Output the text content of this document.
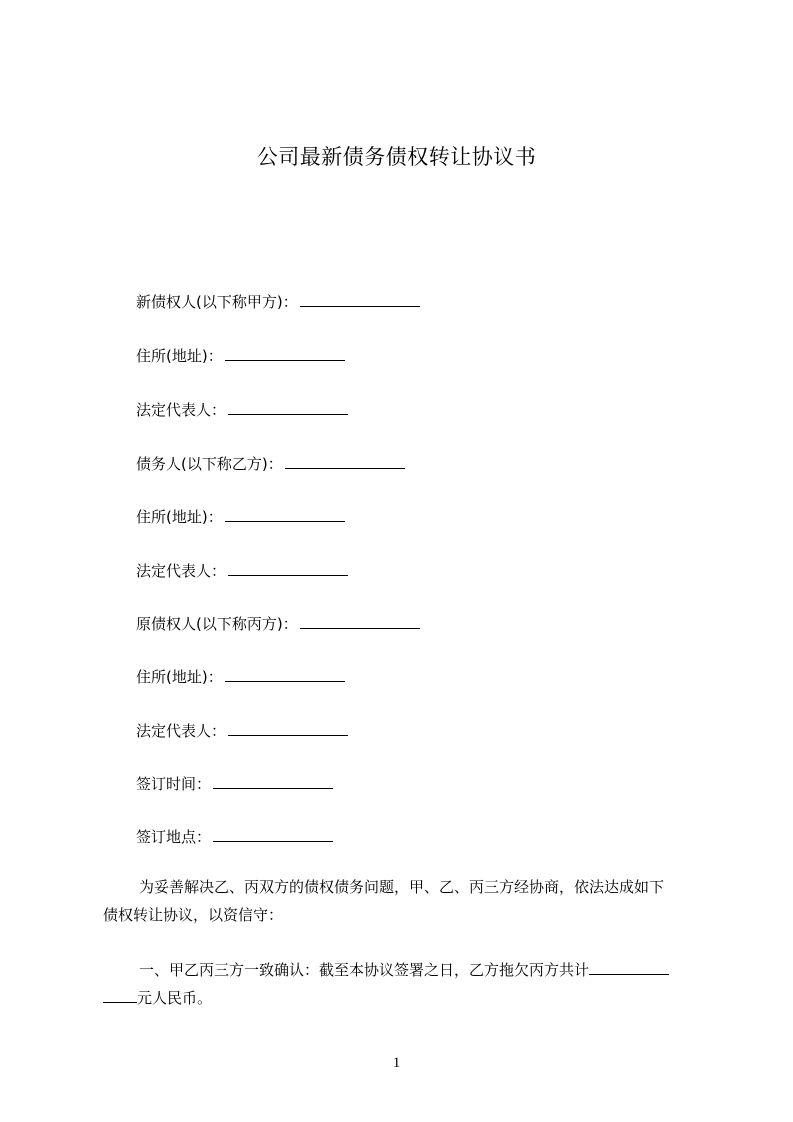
公司最新债务债权转让协议书
新债权人(以下称甲方)：
住所(地址)：
法定代表人：
债务人(以下称乙方)：
住所(地址)：
法定代表人：
原债权人(以下称丙方)：
住所(地址)：
法定代表人：
签订时间：
签订地点：
为妥善解决乙、丙双方的债权债务问题，甲、乙、丙三方经协商，依法达成如下
债权转让协议，以资信守：
一、甲乙丙三方一致确认：截至本协议签署之日，乙方拖欠丙方共计
元人民币。
1
